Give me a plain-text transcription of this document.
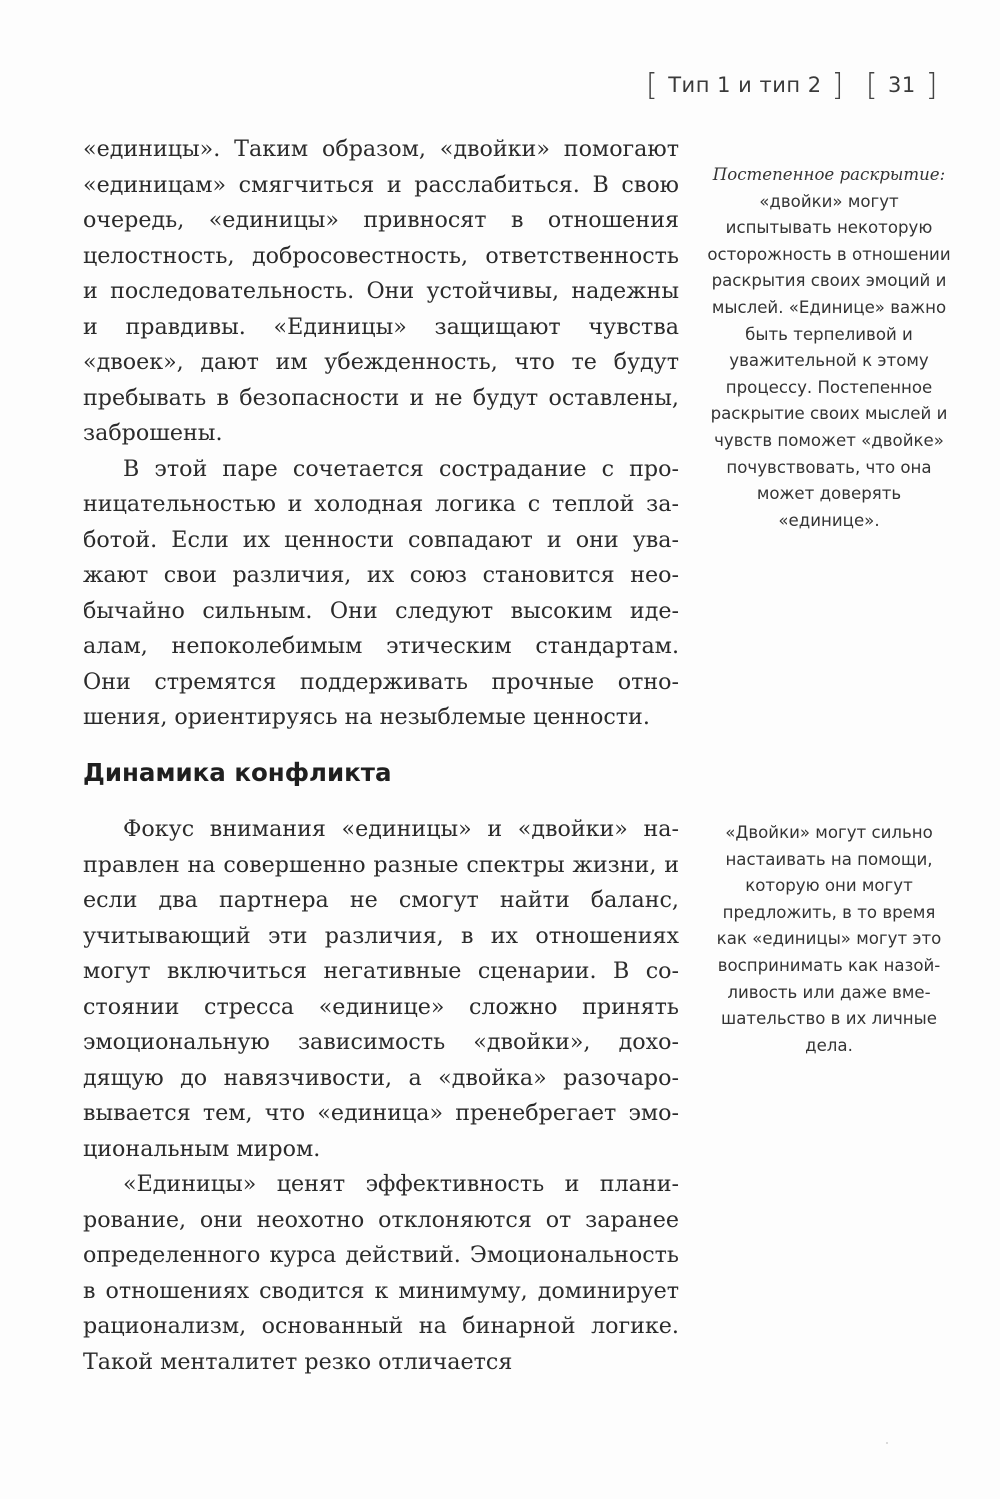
[ Тип 1 и тип 2 ] [ 31 ]

«единицы». Таким образом, «двойки» помогают «единицам» смягчиться и расслабиться. В свою очередь, «единицы» привносят в отношения целостность, добросовестность, ответственность и последовательность. Они устойчивы, надежны и правдивы. «Единицы» защищают чувства «двоек», дают им убежденность, что те будут пребывать в безопасности и не будут оставлены, заброшены.

В этой паре сочетается сострадание с проницательностью и холодная логика с теплой заботой. Если их ценности совпадают и они уважают свои различия, их союз становится необычайно сильным. Они следуют высоким идеалам, непоколебимым этическим стандартам. Они стремятся поддерживать прочные отношения, ориентируясь на незыблемые ценности.

Динамика конфликта

Фокус внимания «единицы» и «двойки» направлен на совершенно разные спектры жизни, и если два партнера не смогут найти баланс, учитывающий эти различия, в их отношениях могут включиться негативные сценарии. В состоянии стресса «единице» сложно принять эмоциональную зависимость «двойки», доходящую до навязчивости, а «двойка» разочаровывается тем, что «единица» пренебрегает эмоциональным миром.

«Единицы» ценят эффективность и планирование, они неохотно отклоняются от заранее определенного курса действий. Эмоциональность в отношениях сводится к минимуму, доминирует рационализм, основанный на бинарной логике. Такой менталитет резко отличается

Постепенное раскрытие: «двойки» могут испытывать некоторую осторожность в отношении раскрытия своих эмоций и мыслей. «Единице» важно быть терпеливой и уважительной к этому процессу. Постепенное раскрытие своих мыслей и чувств поможет «двойке» почувствовать, что она может доверять «единице».

«Двойки» могут сильно настаивать на помощи, которую они могут предложить, в то время как «единицы» могут это воспринимать как назойливость или даже вмешательство в их личные дела.
